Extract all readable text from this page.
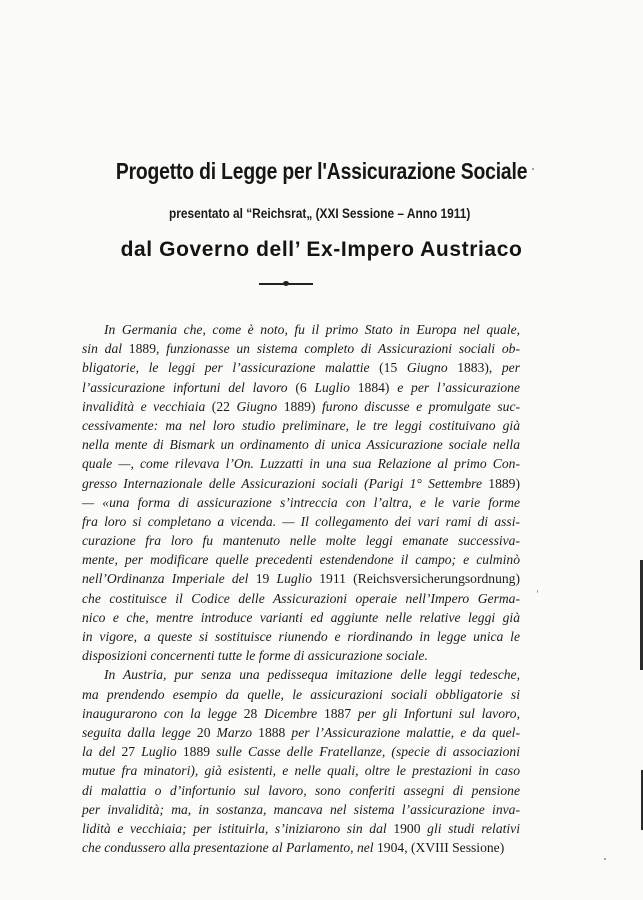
Progetto di Legge per l'Assicurazione Sociale
presentato al “Reichsrat„ (XXI Sessione – Anno 1911)
dal Governo dell’ Ex-Impero Austriaco
In Germania che, come è noto, fu il primo Stato in Europa nel quale,
sin dal 1889, funzionasse un sistema completo di Assicurazioni sociali ob-
bligatorie, le leggi per l’assicurazione malattie (15 Giugno 1883), per
l’assicurazione infortuni del lavoro (6 Luglio 1884) e per l’assicurazione
invalidità e vecchiaia (22 Giugno 1889) furono discusse e promulgate suc-
cessivamente: ma nel loro studio preliminare, le tre leggi costituivano già
nella mente di Bismark un ordinamento di unica Assicurazione sociale nella
quale —, come rilevava l’On. Luzzatti in una sua Relazione al primo Con-
gresso Internazionale delle Assicurazioni sociali (Parigi 1° Settembre 1889)
— «una forma di assicurazione s’intreccia con l’altra, e le varie forme
fra loro si completano a vicenda. — Il collegamento dei vari rami di assi-
curazione fra loro fu mantenuto nelle molte leggi emanate successiva-
mente, per modificare quelle precedenti estendendone il campo; e culminò
nell’Ordinanza Imperiale del 19 Luglio 1911 (Reichsversicherungsordnung)
che costituisce il Codice delle Assicurazioni operaie nell’Impero Germa-
nico e che, mentre introduce varianti ed aggiunte nelle relative leggi già
in vigore, a queste si sostituisce riunendo e riordinando in legge unica le
disposizioni concernenti tutte le forme di assicurazione sociale.
In Austria, pur senza una pedissequa imitazione delle leggi tedesche,
ma prendendo esempio da quelle, le assicurazioni sociali obbligatorie si
inaugurarono con la legge 28 Dicembre 1887 per gli Infortuni sul lavoro,
seguita dalla legge 20 Marzo 1888 per l’Assicurazione malattie, e da quel-
la del 27 Luglio 1889 sulle Casse delle Fratellanze, (specie di associazioni
mutue fra minatori), già esistenti, e nelle quali, oltre le prestazioni in caso
di malattia o d’infortunio sul lavoro, sono conferiti assegni di pensione
per invalidità; ma, in sostanza, mancava nel sistema l’assicurazione inva-
lidità e vecchiaia; per istituirla, s’iniziarono sin dal 1900 gli studi relativi
che condussero alla presentazione al Parlamento, nel 1904, (XVIII Sessione)
